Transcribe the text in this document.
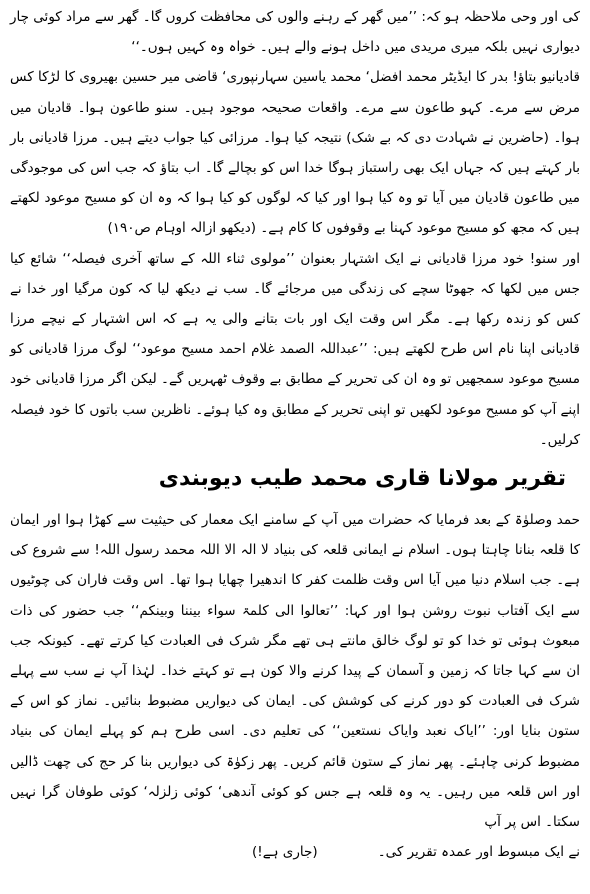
کی اور وحی ملاحظہ ہو کہ: ’’میں گھر کے رہنے والوں کی محافظت کروں گا۔ گھر سے مراد کوئی چار دیواری نہیں بلکہ میری مریدی میں داخل ہونے والے ہیں۔ خواہ وہ کہیں ہوں۔‘‘

قادیانیو بتاؤ! بدر کا ایڈیٹر محمد افضل‘ محمد یاسین سہارنپوری‘ قاضی میر حسین بھیروی کا لڑکا کس مرض سے مرے۔ کہو طاعون سے مرے۔ واقعات صحیحہ موجود ہیں۔ سنو طاعون ہوا۔ قادیان میں ہوا۔ (حاضرین نے شہادت دی کہ بے شک) نتیجہ کیا ہوا۔ مرزائی کیا جواب دیتے ہیں۔ مرزا قادیانی بار بار کہتے ہیں کہ جہاں ایک بھی راستباز ہوگا خدا اس کو بچالے گا۔ اب بتاؤ کہ جب اس کی موجودگی میں طاعون قادیان میں آیا تو وہ کیا ہوا اور کیا کہ لوگوں کو کیا ہوا کہ وہ ان کو مسیح موعود لکھتے ہیں کہ مجھ کو مسیح موعود کہنا بے وقوفوں کا کام ہے۔ (دیکھو ازالہ اوہام ص۱۹۰)

اور سنو! خود مرزا قادیانی نے ایک اشتہار بعنوان ’’مولوی ثناء اللہ کے ساتھ آخری فیصلہ‘‘ شائع کیا جس میں لکھا کہ جھوٹا سچے کی زندگی میں مرجائے گا۔ سب نے دیکھ لیا کہ کون مرگیا اور خدا نے کس کو زندہ رکھا ہے۔ مگر اس وقت ایک اور بات بتانے والی یہ ہے کہ اس اشتہار کے نیچے مرزا قادیانی اپنا نام اس طرح لکھتے ہیں: ’’عبداللہ الصمد غلام احمد مسیح موعود‘‘ لوگ مرزا قادیانی کو مسیح موعود سمجھیں تو وہ ان کی تحریر کے مطابق بے وقوف ٹھہریں گے۔ لیکن اگر مرزا قادیانی خود اپنے آپ کو مسیح موعود لکھیں تو اپنی تحریر کے مطابق وہ کیا ہوئے۔ ناظرین سب باتوں کا خود فیصلہ کرلیں۔

تقریر مولانا قاری محمد طیب دیوبندی

حمد وصلوٰۃ کے بعد فرمایا کہ حضرات میں آپ کے سامنے ایک معمار کی حیثیت سے کھڑا ہوا اور ایمان کا قلعہ بنانا چاہتا ہوں۔ اسلام نے ایمانی قلعہ کی بنیاد لا الہ الا اللہ محمد رسول اللہ! سے شروع کی ہے۔ جب اسلام دنیا میں آیا اس وقت ظلمت کفر کا اندھیرا چھایا ہوا تھا۔ اس وقت فاران کی چوٹیوں سے ایک آفتاب نبوت روشن ہوا اور کہا: ’’تعالوا الی کلمۃ سواء بیننا وبینکم‘‘ جب حضور کی ذات مبعوث ہوئی تو خدا کو تو لوگ خالق مانتے ہی تھے مگر شرک فی العبادت کیا کرتے تھے۔ کیونکہ جب ان سے کہا جاتا کہ زمین و آسمان کے پیدا کرنے والا کون ہے تو کہتے خدا۔ لہٰذا آپ نے سب سے پہلے شرک فی العبادت کو دور کرنے کی کوشش کی۔ ایمان کی دیواریں مضبوط بنائیں۔ نماز کو اس کے ستون بنایا اور: ’’ایاک نعبد وایاک نستعین‘‘ کی تعلیم دی۔ اسی طرح ہم کو پہلے ایمان کی بنیاد مضبوط کرنی چاہئے۔ پھر نماز کے ستون قائم کریں۔ پھر زکوٰۃ کی دیواریں بنا کر حج کی چھت ڈالیں اور اس قلعہ میں رہیں۔ یہ وہ قلعہ ہے جس کو کوئی آندھی‘ کوئی زلزلہ‘ کوئی طوفان گرا نہیں سکتا۔ اس پر آپ

نے ایک مبسوط اور عمدہ تقریر کی۔              (جاری ہے!)
